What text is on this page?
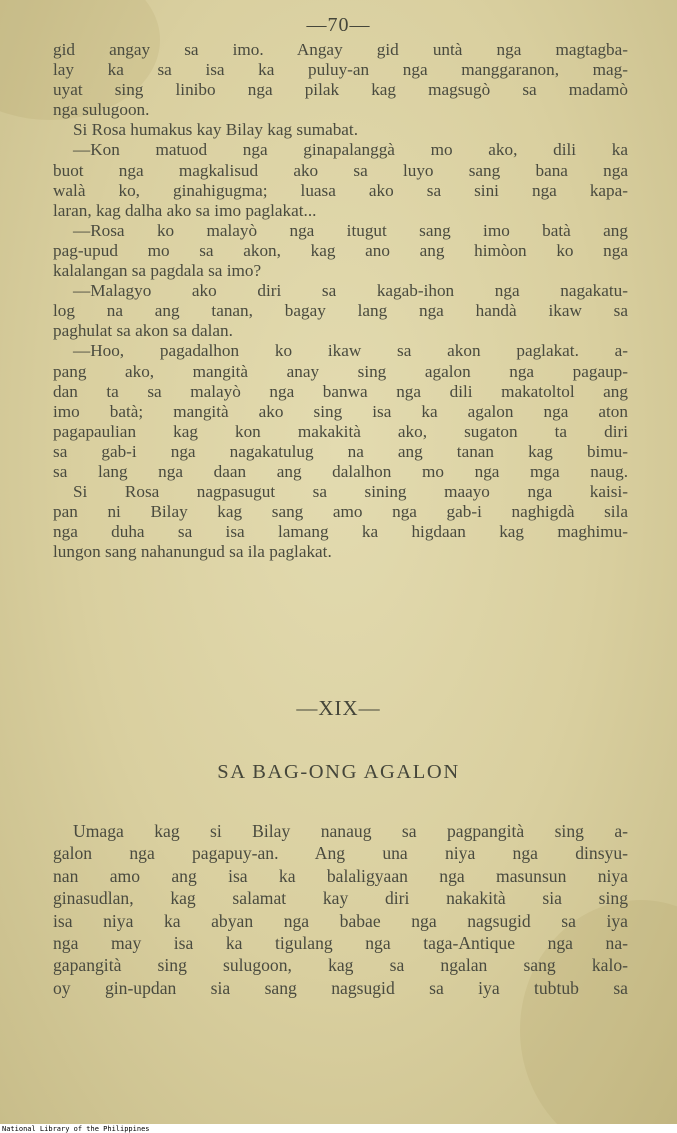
—70—
gid angay sa imo. Angay gid untà nga magtagba-
lay ka sa isa ka puluy-an nga manggaranon, mag-
uyat sing linibo nga pilak kag magsugò sa madamò
nga sulugoon.
Si Rosa humakus kay Bilay kag sumabat.
—Kon matuod nga ginapalanggà mo ako, dili ka
buot nga magkalisud ako sa luyo sang bana nga
walà ko, ginahigugma; luasa ako sa sini nga kapa-
laran, kag dalha ako sa imo paglakat...
—Rosa ko malayò nga itugut sang imo batà ang
pag-upud mo sa akon, kag ano ang himòon ko nga
kalalangan sa pagdala sa imo?
—Malagyo ako diri sa kagab-ihon nga nagakatu-
log na ang tanan, bagay lang nga handà ikaw sa
paghulat sa akon sa dalan.
—Hoo, pagadalhon ko ikaw sa akon paglakat. a-
pang ako, mangità anay sing agalon nga pagaup-
dan ta sa malayò nga banwa nga dili makatoltol ang
imo batà; mangità ako sing isa ka agalon nga aton
pagapaulian kag kon makakità ako, sugaton ta diri
sa gab-i nga nagakatulug na ang tanan kag bimu-
sa lang nga daan ang dalalhon mo nga mga naug.
Si Rosa nagpasugut sa sining maayo nga kaisi-
pan ni Bilay kag sang amo nga gab-i naghigdà sila
nga duha sa isa lamang ka higdaan kag maghimu-
lungon sang nahanungud sa ila paglakat.
—XIX—
SA BAG-ONG AGALON
Umaga kag si Bilay nanaug sa pagpangità sing a-
galon nga pagapuy-an. Ang una niya nga dinsyu-
nan amo ang isa ka balaligyaan nga masunsun niya
ginasudlan, kag salamat kay diri nakakità sia sing
isa niya ka abyan nga babae nga nagsugid sa iya
nga may isa ka tigulang nga taga-Antique nga na-
gapangità sing sulugoon, kag sa ngalan sang kalo-
oy gin-updan sia sang nagsugid sa iya tubtub sa
National Library of the Philippines
